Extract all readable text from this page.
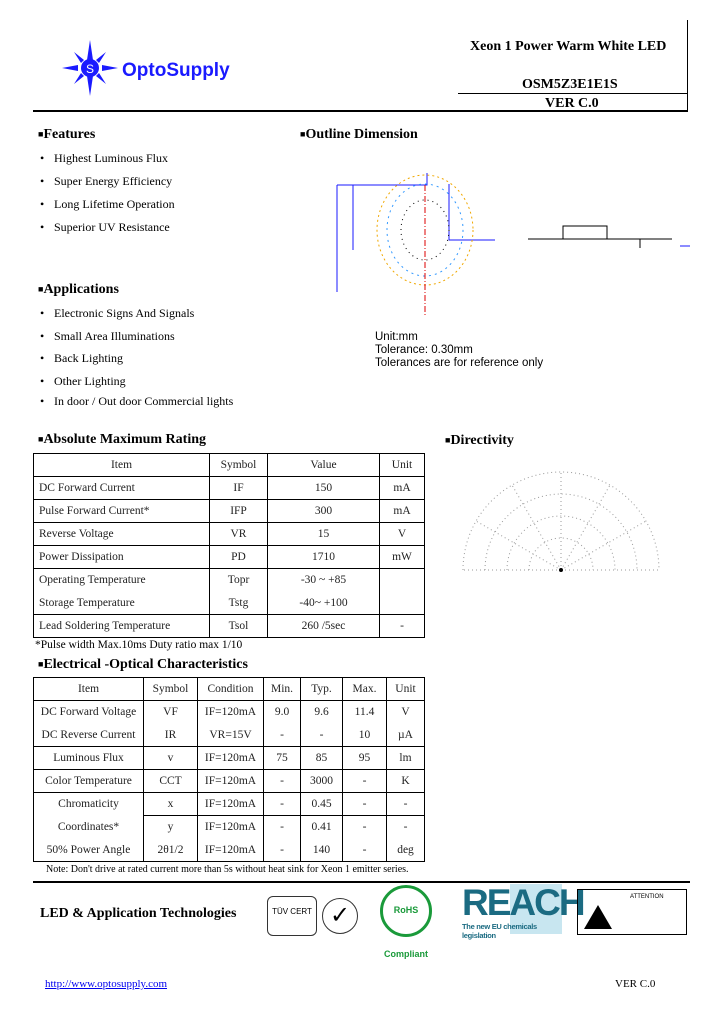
S OptoSupply
Xeon 1 Power Warm White LED
OSM5Z3E1E1S
VER C.0
■Features
• Highest Luminous Flux
• Super Energy Efficiency
• Long Lifetime Operation
• Superior UV Resistance
■Applications
• Electronic Signs And Signals
• Small Area Illuminations
• Back Lighting
• Other Lighting
• In door / Out door Commercial lights
■Outline Dimension
Unit:mm
Tolerance: 0.30mm
Tolerances are for reference only
■Directivity
■Absolute Maximum Rating
Item	Symbol	Value	Unit
DC Forward Current	IF	150	mA
Pulse Forward Current*	IFP	300	mA
Reverse Voltage	VR	15	V
Power Dissipation	PD	1710	mW
Operating Temperature	Topr	-30 ~ +85	
Storage Temperature	Tstg	-40~ +100	
Lead Soldering Temperature	Tsol	260 /5sec	-
*Pulse width Max.10ms Duty ratio max 1/10
■Electrical -Optical Characteristics
Item	Symbol	Condition	Min.	Typ.	Max.	Unit
DC Forward Voltage	VF	IF=120mA	9.0	9.6	11.4	V
DC Reverse Current	IR	VR=15V	-	-	10	µA
Luminous Flux	v	IF=120mA	75	85	95	lm
Color Temperature	CCT	IF=120mA	-	3000	-	K
Chromaticity	x	IF=120mA	-	0.45	-	-
Coordinates*	y	IF=120mA	-	0.41	-	-
50% Power Angle	2θ1/2	IF=120mA	-	140	-	deg
Note: Don't drive at rated current more than 5s without heat sink for Xeon 1 emitter series.
LED & Application Technologies	TÜV CERT ✓	RoHS Compliant
REACH
The new EU chemicals legislation
ATTENTION
http://www.optosupply.com	VER C.0
